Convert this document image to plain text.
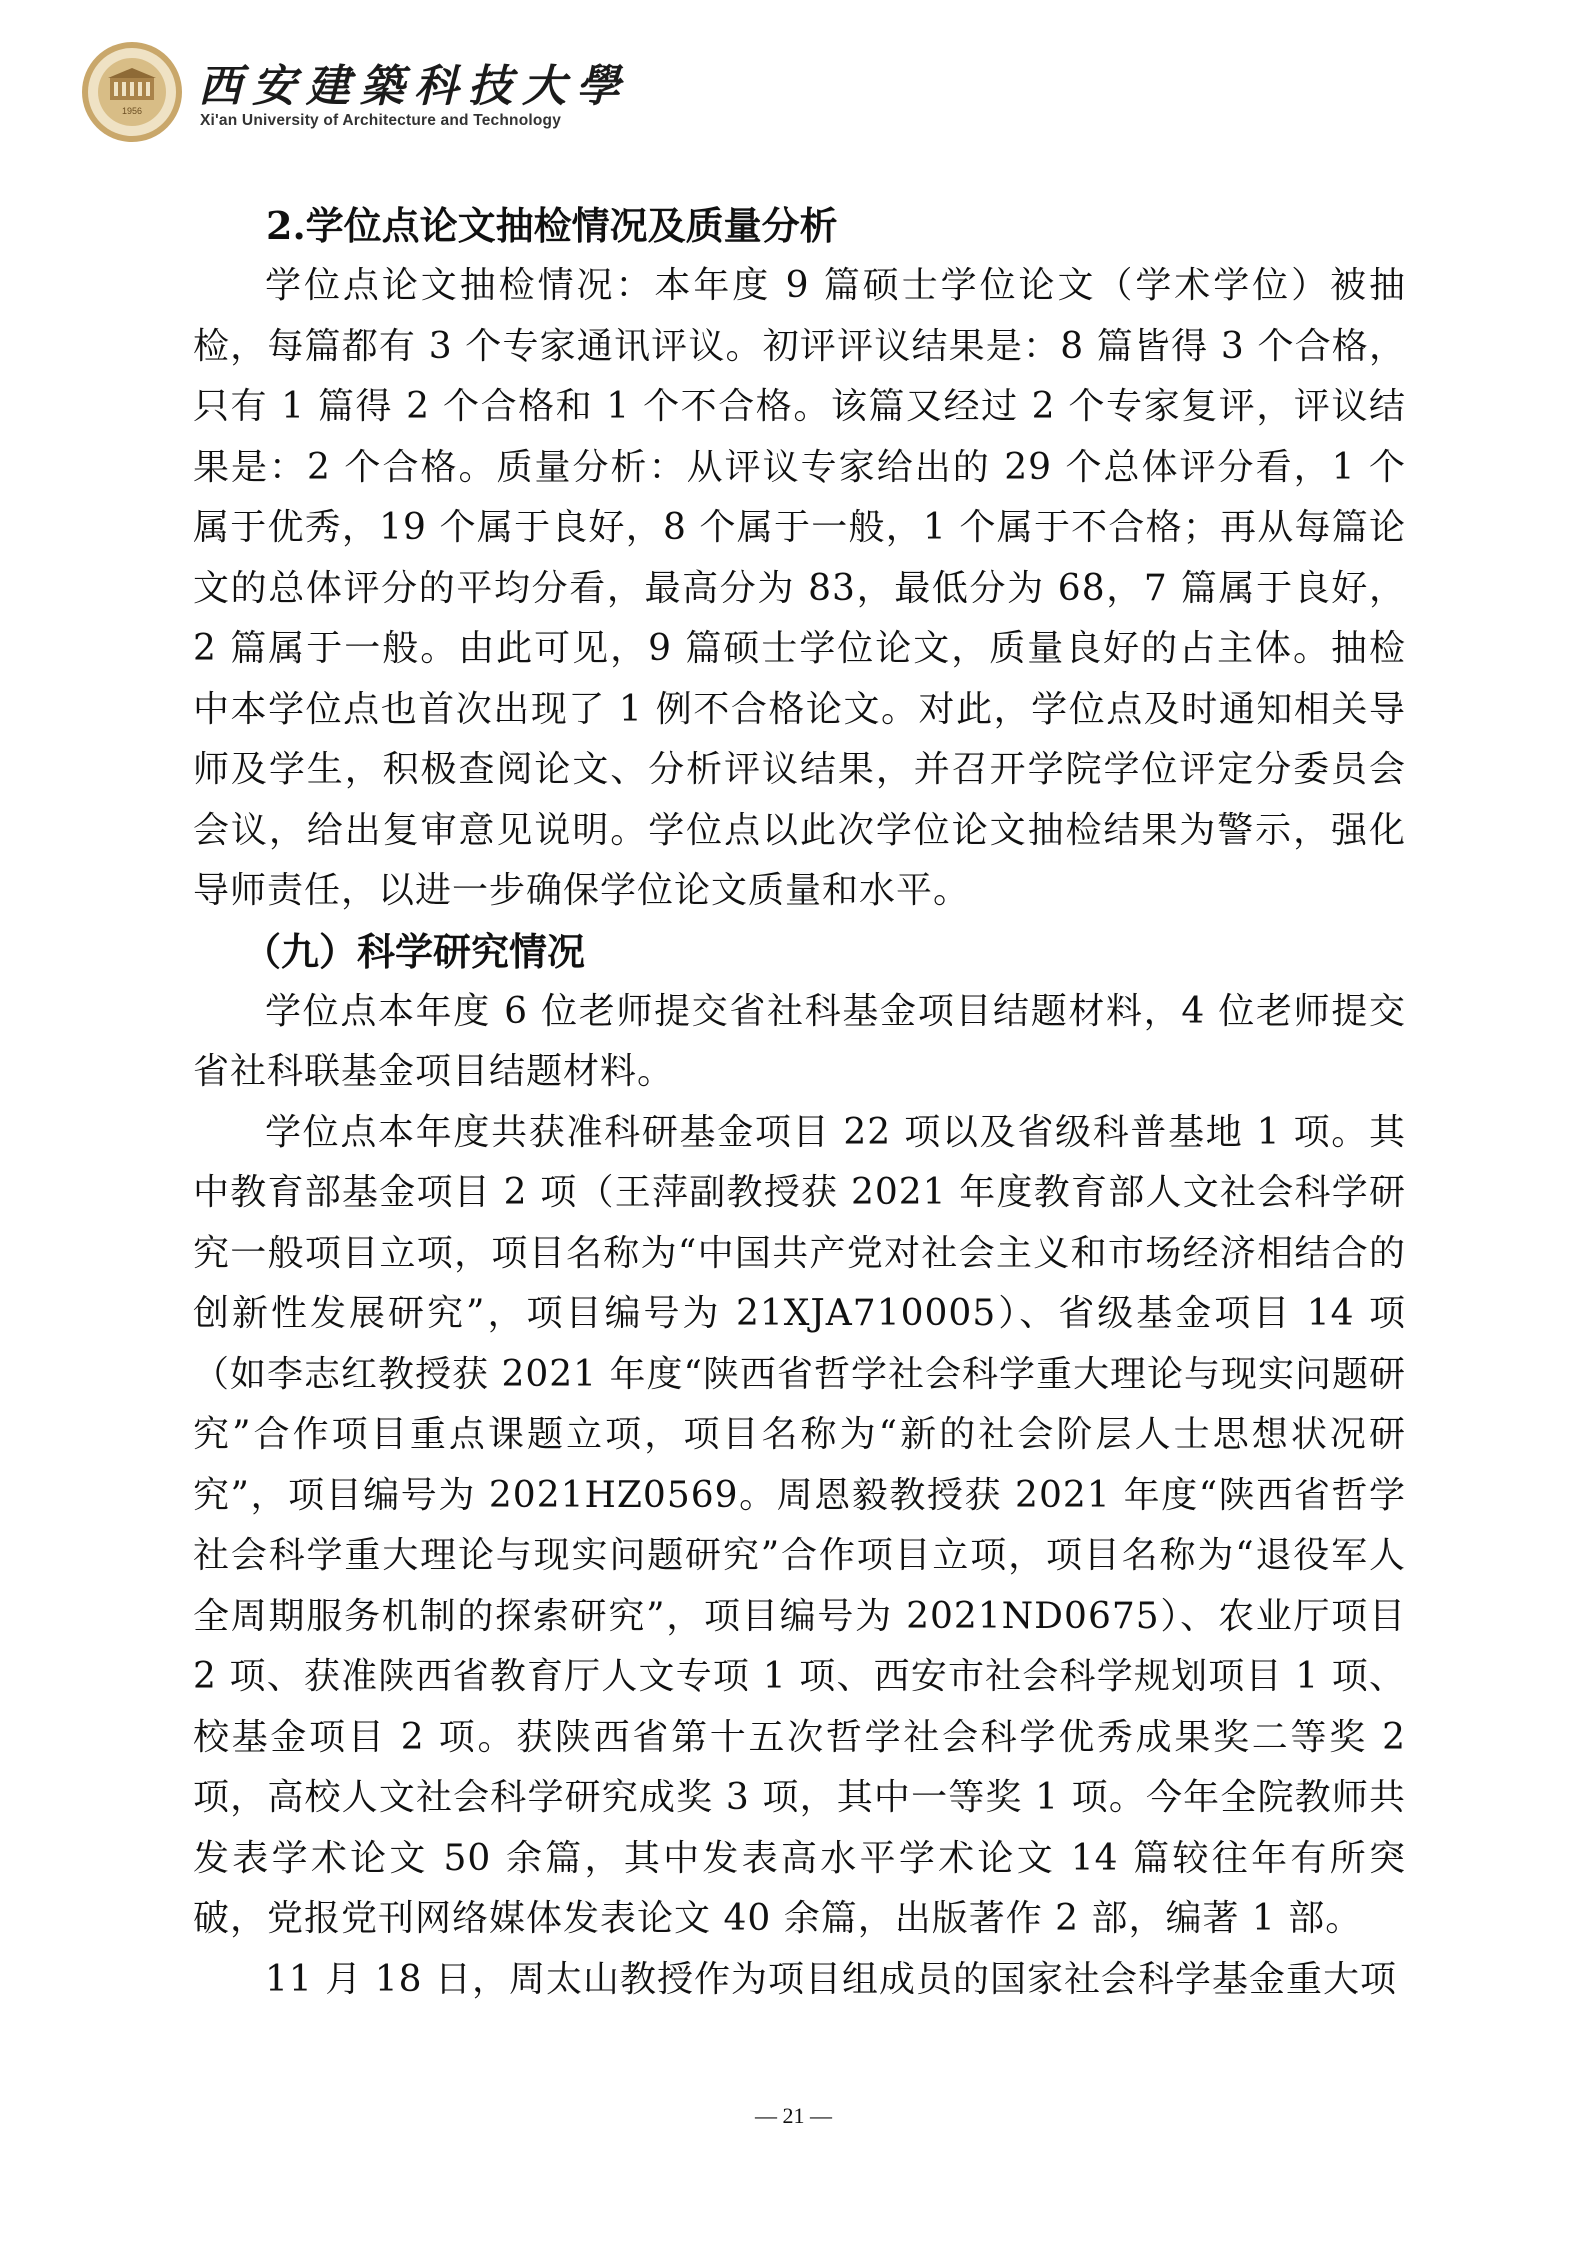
1956 西安建築科技大學
Xi'an University of Architecture and Technology
2.学位点论文抽检情况及质量分析

学位点论文抽检情况：本年度 9 篇硕士学位论文（学术学位）被抽检，每篇都有 3 个专家通讯评议。初评评议结果是：8 篇皆得 3 个合格，只有 1 篇得 2 个合格和 1 个不合格。该篇又经过 2 个专家复评，评议结果是：2 个合格。质量分析：从评议专家给出的 29 个总体评分看，1 个属于优秀，19 个属于良好，8 个属于一般，1 个属于不合格；再从每篇论文的总体评分的平均分看，最高分为 83，最低分为 68，7 篇属于良好，2 篇属于一般。由此可见，9 篇硕士学位论文，质量良好的占主体。抽检中本学位点也首次出现了 1 例不合格论文。对此，学位点及时通知相关导师及学生，积极查阅论文、分析评议结果，并召开学院学位评定分委员会会议，给出复审意见说明。学位点以此次学位论文抽检结果为警示，强化导师责任，以进一步确保学位论文质量和水平。

（九）科学研究情况

学位点本年度 6 位老师提交省社科基金项目结题材料，4 位老师提交省社科联基金项目结题材料。

学位点本年度共获准科研基金项目 22 项以及省级科普基地 1 项。其中教育部基金项目 2 项（王萍副教授获 2021 年度教育部人文社会科学研究一般项目立项，项目名称为“中国共产党对社会主义和市场经济相结合的创新性发展研究”，项目编号为 21XJA710005）、省级基金项目 14 项（如李志红教授获 2021 年度“陕西省哲学社会科学重大理论与现实问题研究”合作项目重点课题立项，项目名称为“新的社会阶层人士思想状况研究”，项目编号为 2021HZ0569。周恩毅教授获 2021 年度“陕西省哲学社会科学重大理论与现实问题研究”合作项目立项，项目名称为“退役军人全周期服务机制的探索研究”，项目编号为 2021ND0675）、农业厅项目 2 项、获准陕西省教育厅人文专项 1 项、西安市社会科学规划项目 1 项、校基金项目 2 项。获陕西省第十五次哲学社会科学优秀成果奖二等奖 2 项，高校人文社会科学研究成奖 3 项，其中一等奖 1 项。今年全院教师共发表学术论文 50 余篇，其中发表高水平学术论文 14 篇较往年有所突破，党报党刊网络媒体发表论文 40 余篇，出版著作 2 部，编著 1 部。

11 月 18 日，周太山教授作为项目组成员的国家社会科学基金重大项

— 21 —
